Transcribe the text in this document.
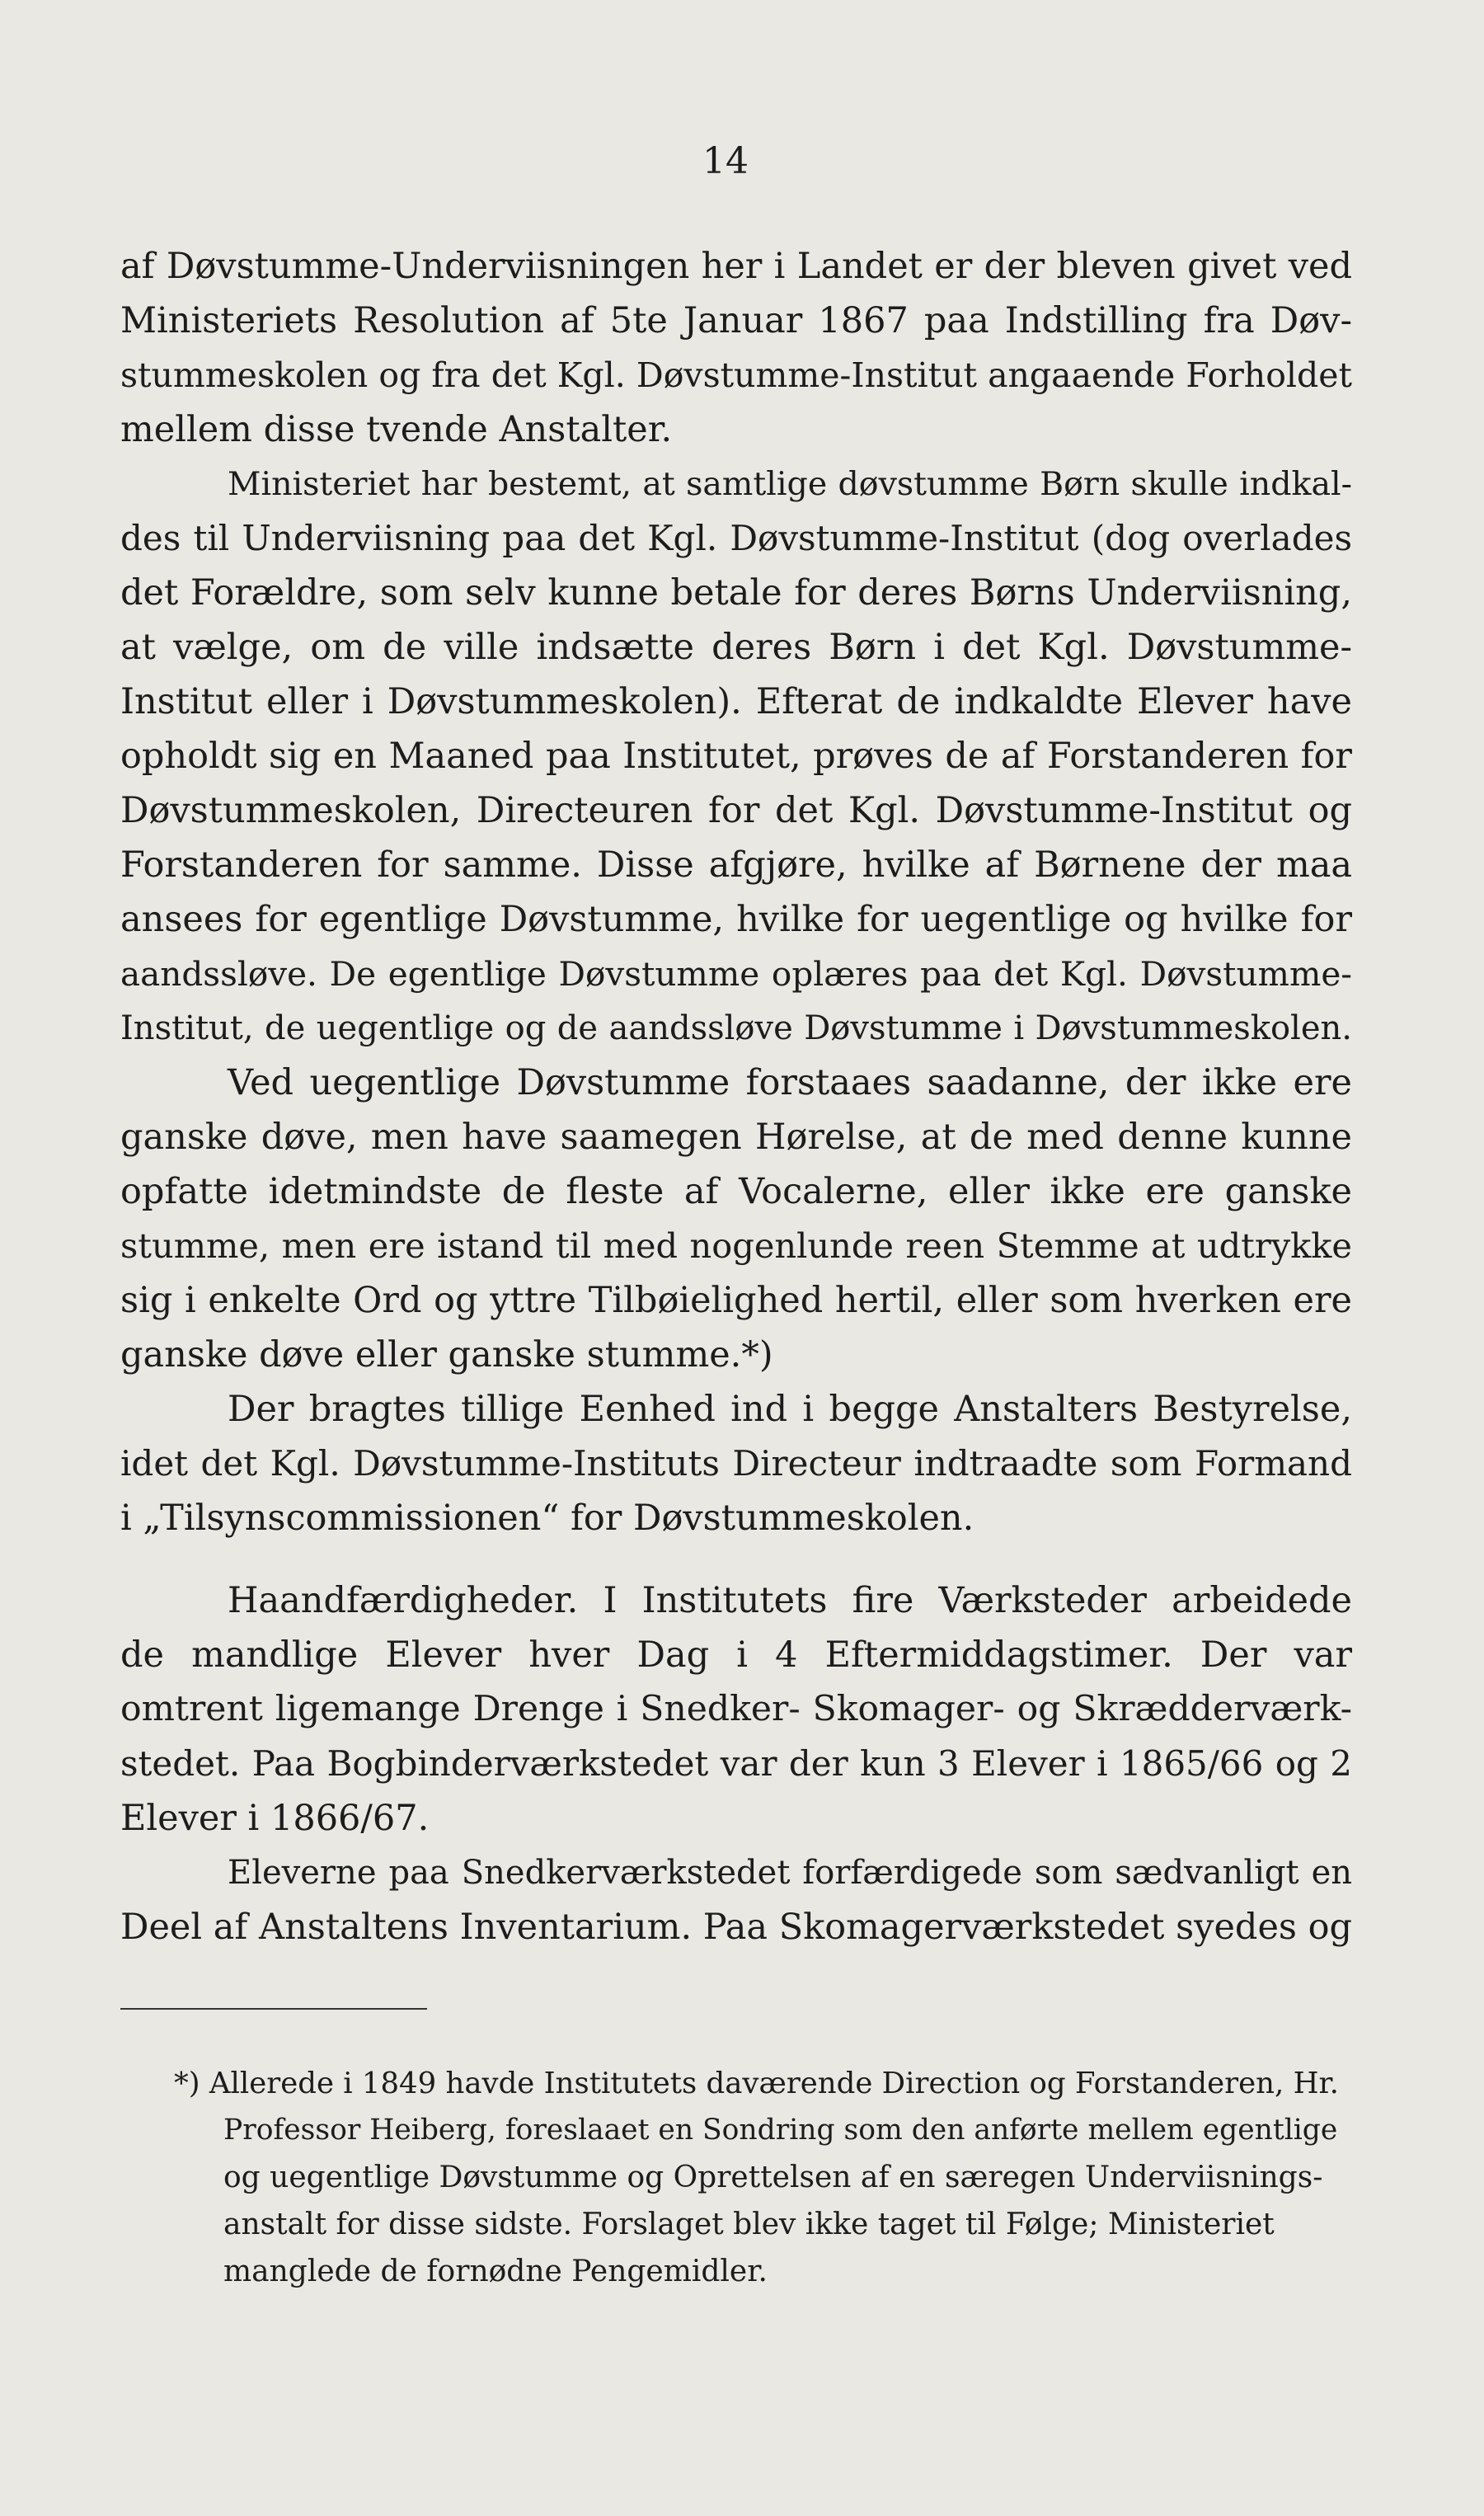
14
af Døvstumme-Underviisningen her i Landet er der bleven givet ved
Ministeriets Resolution af 5te Januar 1867 paa Indstilling fra Døv-
stummeskolen og fra det Kgl. Døvstumme-Institut angaaende Forholdet
mellem disse tvende Anstalter.
Ministeriet har bestemt, at samtlige døvstumme Børn skulle indkal-
des til Underviisning paa det Kgl. Døvstumme-Institut (dog overlades
det Forældre, som selv kunne betale for deres Børns Underviisning,
at vælge, om de ville indsætte deres Børn i det Kgl. Døvstumme-
Institut eller i Døvstummeskolen). Efterat de indkaldte Elever have
opholdt sig en Maaned paa Institutet, prøves de af Forstanderen for
Døvstummeskolen, Directeuren for det Kgl. Døvstumme-Institut og
Forstanderen for samme. Disse afgjøre, hvilke af Børnene der maa
ansees for egentlige Døvstumme, hvilke for uegentlige og hvilke for
aandssløve. De egentlige Døvstumme oplæres paa det Kgl. Døvstumme-
Institut, de uegentlige og de aandssløve Døvstumme i Døvstummeskolen.
Ved uegentlige Døvstumme forstaaes saadanne, der ikke ere
ganske døve, men have saamegen Hørelse, at de med denne kunne
opfatte idetmindste de fleste af Vocalerne, eller ikke ere ganske
stumme, men ere istand til med nogenlunde reen Stemme at udtrykke
sig i enkelte Ord og yttre Tilbøielighed hertil, eller som hverken ere
ganske døve eller ganske stumme.*)
Der bragtes tillige Eenhed ind i begge Anstalters Bestyrelse,
idet det Kgl. Døvstumme-Instituts Directeur indtraadte som Formand
i „Tilsynscommissionen“ for Døvstummeskolen.
Haandfærdigheder. I Institutets fire Værksteder arbeidede
de mandlige Elever hver Dag i 4 Eftermiddagstimer. Der var
omtrent ligemange Drenge i Snedker- Skomager- og Skrædderværk-
stedet. Paa Bogbinderværkstedet var der kun 3 Elever i 1865/66 og 2
Elever i 1866/67.
Eleverne paa Snedkerværkstedet forfærdigede som sædvanligt en
Deel af Anstaltens Inventarium. Paa Skomagerværkstedet syedes og
*) Allerede i 1849 havde Institutets daværende Direction og Forstanderen, Hr.
Professor Heiberg, foreslaaet en Sondring som den anførte mellem egentlige
og uegentlige Døvstumme og Oprettelsen af en særegen Underviisnings-
anstalt for disse sidste. Forslaget blev ikke taget til Følge; Ministeriet
manglede de fornødne Pengemidler.
